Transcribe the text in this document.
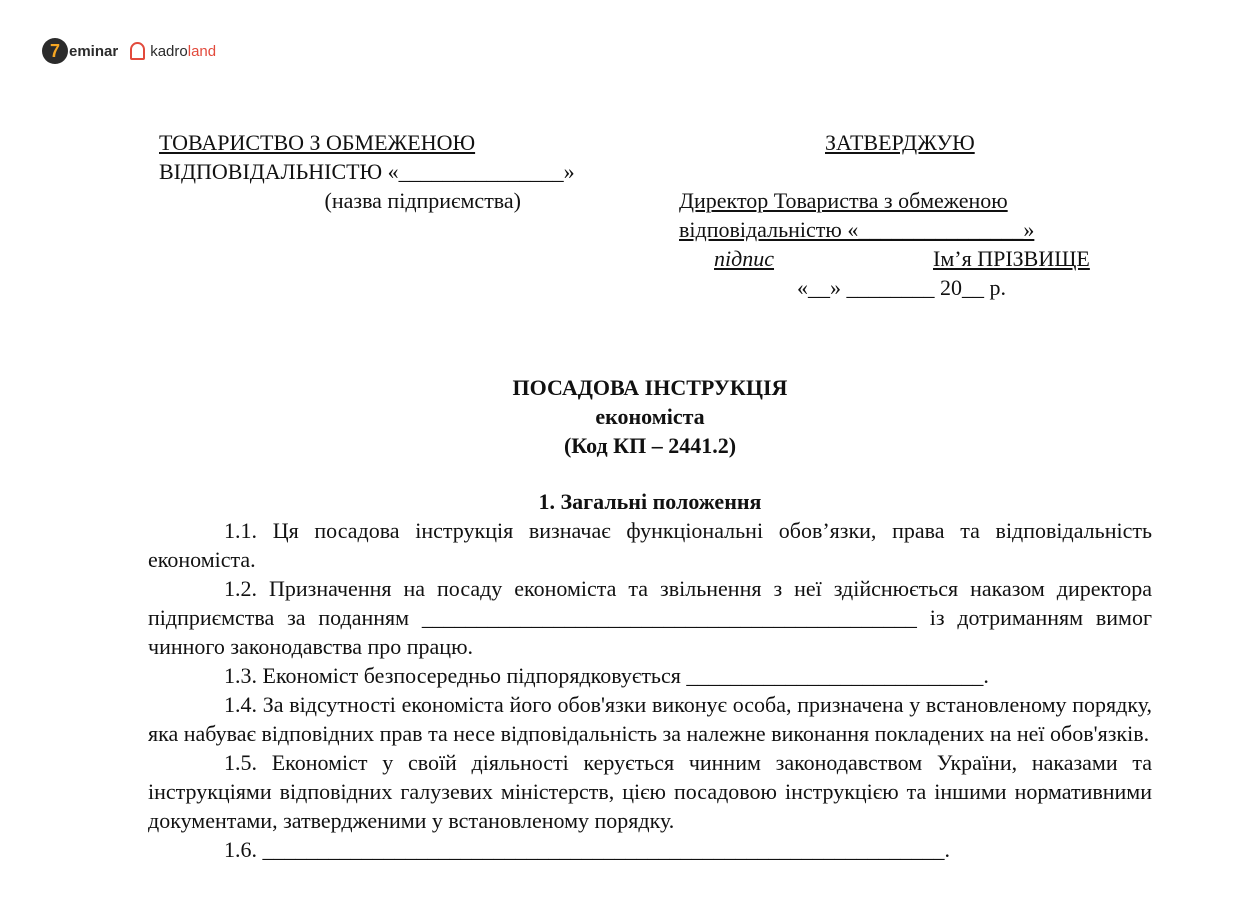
7 eminar kadroland
ТОВАРИСТВО З ОБМЕЖЕНОЮ
ВІДПОВІДАЛЬНІСТЮ «_______________»
(назва підприємства)
ЗАТВЕРДЖУЮ
Директор Товариства з обмеженою
відповідальністю «_______________»
підпис	Ім’я ПРІЗВИЩЕ
«__» ________ 20__ р.
ПОСАДОВА ІНСТРУКЦІЯ
економіста
(Код КП – 2441.2)
1. Загальні положення

1.1. Ця посадова інструкція визначає функціональні обов’язки, права та відповідальність економіста.

1.2. Призначення на посаду економіста та звільнення з неї здійснюється наказом директора підприємства за поданням _____________________________________________ із дотриманням вимог чинного законодавства про працю.

1.3. Економіст безпосередньо підпорядковується ___________________________.

1.4. За відсутності економіста його обов'язки виконує особа, призначена у встановленому порядку, яка набуває відповідних прав та несе відповідальність за належне виконання покладених на неї обов'язків.

1.5. Економіст у своїй діяльності керується чинним законодавством України, наказами та інструкціями відповідних галузевих міністерств, цією посадовою інструкцією та іншими нормативними документами, затвердженими у встановленому порядку.

1.6. ______________________________________________________________.
